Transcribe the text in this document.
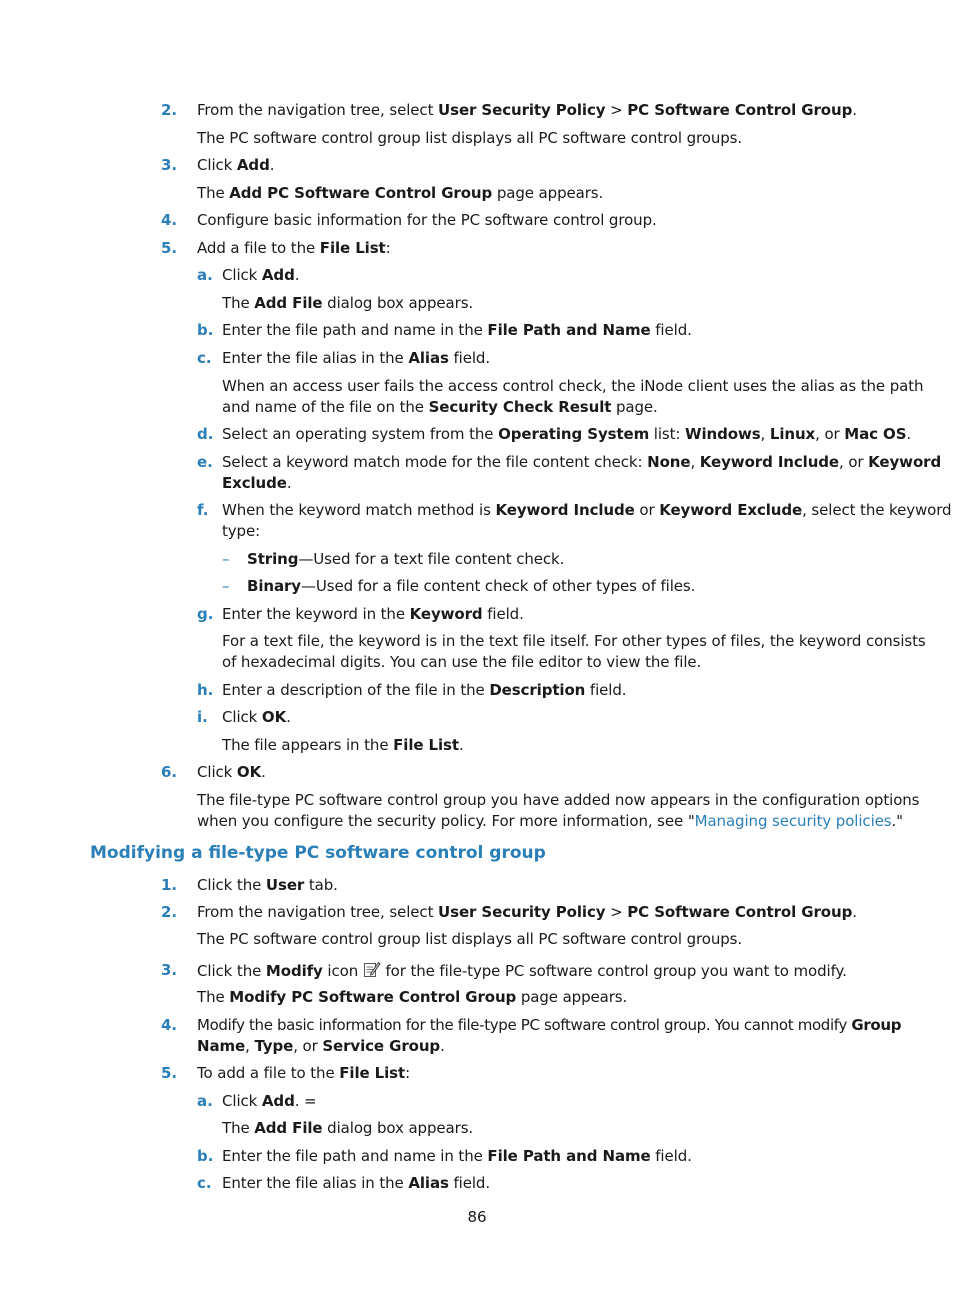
2. From the navigation tree, select User Security Policy > PC Software Control Group.
The PC software control group list displays all PC software control groups.
3. Click Add.
The Add PC Software Control Group page appears.
4. Configure basic information for the PC software control group.
5. Add a file to the File List:
a. Click Add.
The Add File dialog box appears.
b. Enter the file path and name in the File Path and Name field.
c. Enter the file alias in the Alias field.
When an access user fails the access control check, the iNode client uses the alias as the path
and name of the file on the Security Check Result page.
d. Select an operating system from the Operating System list: Windows, Linux, or Mac OS.
e. Select a keyword match mode for the file content check: None, Keyword Include, or Keyword
Exclude.
f. When the keyword match method is Keyword Include or Keyword Exclude, select the keyword
type:
– String—Used for a text file content check.
– Binary—Used for a file content check of other types of files.
g. Enter the keyword in the Keyword field.
For a text file, the keyword is in the text file itself. For other types of files, the keyword consists
of hexadecimal digits. You can use the file editor to view the file.
h. Enter a description of the file in the Description field.
i. Click OK.
The file appears in the File List.
6. Click OK.
The file-type PC software control group you have added now appears in the configuration options
when you configure the security policy. For more information, see "Managing security policies."
Modifying a file-type PC software control group
1. Click the User tab.
2. From the navigation tree, select User Security Policy > PC Software Control Group.
The PC software control group list displays all PC software control groups.
3. Click the Modify icon  for the file-type PC software control group you want to modify.
The Modify PC Software Control Group page appears.
4. Modify the basic information for the file-type PC software control group. You cannot modify Group
Name, Type, or Service Group.
5. To add a file to the File List:
a. Click Add. =
The Add File dialog box appears.
b. Enter the file path and name in the File Path and Name field.
c. Enter the file alias in the Alias field.
86
